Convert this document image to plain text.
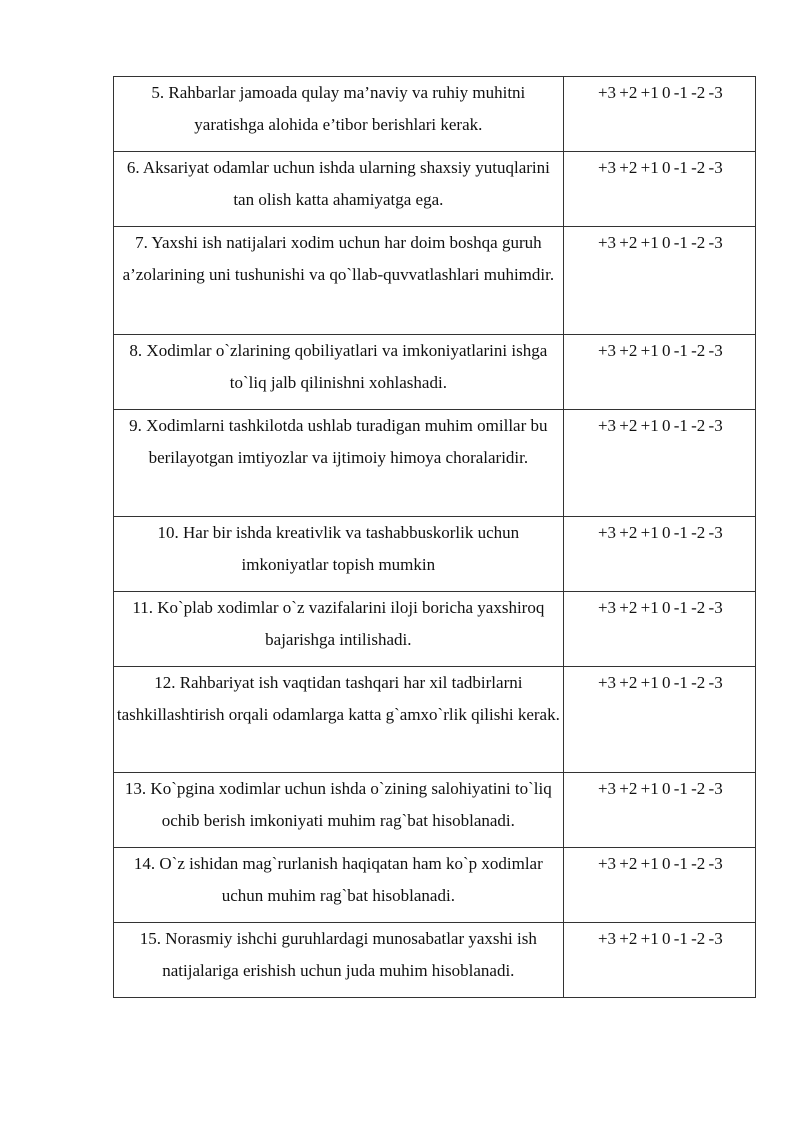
5. Rahbarlar jamoada qulay ma’naviy va ruhiy muhitni yaratishga alohida e’tibor berishlari kerak.	+3 +2 +1 0 -1 -2 -3
6. Aksariyat odamlar uchun ishda ularning shaxsiy yutuqlarini tan olish katta ahamiyatga ega.	+3 +2 +1 0 -1 -2 -3
7. Yaxshi ish natijalari xodim uchun har doim boshqa guruh a’zolarining uni tushunishi va qo`llab-quvvatlashlari muhimdir.	+3 +2 +1 0 -1 -2 -3
8. Xodimlar o`zlarining qobiliyatlari va imkoniyatlarini ishga to`liq jalb qilinishni xohlashadi.	+3 +2 +1 0 -1 -2 -3
9. Xodimlarni tashkilotda ushlab turadigan muhim omillar bu berilayotgan imtiyozlar va ijtimoiy himoya choralaridir.	+3 +2 +1 0 -1 -2 -3
10. Har bir ishda kreativlik va tashabbuskorlik uchun imkoniyatlar topish mumkin	+3 +2 +1 0 -1 -2 -3
11. Ko`plab xodimlar o`z vazifalarini iloji boricha yaxshiroq bajarishga intilishadi.	+3 +2 +1 0 -1 -2 -3
12. Rahbariyat ish vaqtidan tashqari har xil tadbirlarni tashkillashtirish orqali odamlarga katta g`amxo`rlik qilishi kerak.	+3 +2 +1 0 -1 -2 -3
13. Ko`pgina xodimlar uchun ishda o`zining salohiyatini to`liq ochib berish imkoniyati muhim rag`bat hisoblanadi.	+3 +2 +1 0 -1 -2 -3
14. O`z ishidan mag`rurlanish haqiqatan ham ko`p xodimlar uchun muhim rag`bat hisoblanadi.	+3 +2 +1 0 -1 -2 -3
15. Norasmiy ishchi guruhlardagi munosabatlar yaxshi ish natijalariga erishish uchun juda muhim hisoblanadi.	+3 +2 +1 0 -1 -2 -3
